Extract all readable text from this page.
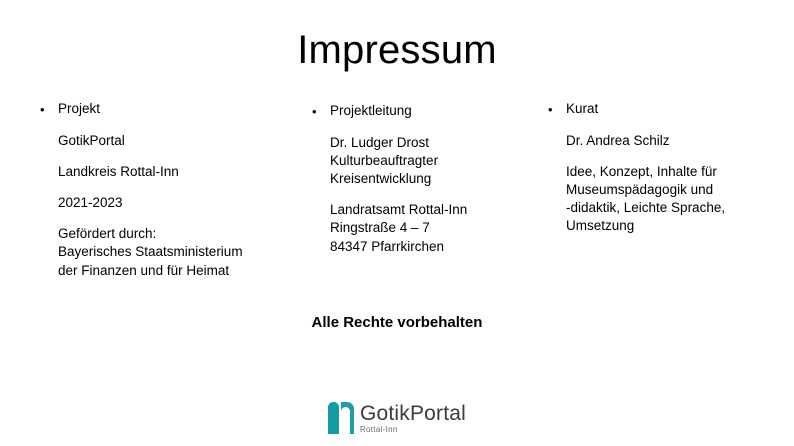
Impressum
• Projekt
GotikPortal
Landkreis Rottal-Inn
2021-2023
Gefördert durch:
Bayerisches Staatsministerium
der Finanzen und für Heimat
• Projektleitung
Dr. Ludger Drost
Kulturbeauftragter
Kreisentwicklung
Landratsamt Rottal-Inn
Ringstraße 4 – 7
84347 Pfarrkirchen
• Kurat
Dr. Andrea Schilz
Idee, Konzept, Inhalte für
Museumspädagogik und
-didaktik, Leichte Sprache,
Umsetzung
Alle Rechte vorbehalten
GotikPortal
Rottal-Inn
